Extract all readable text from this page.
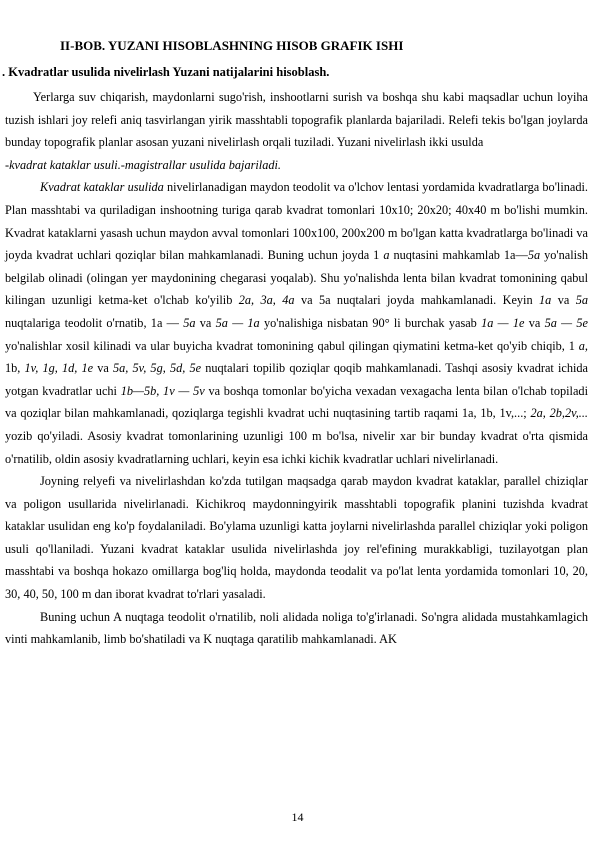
II-BOB. YUZANI HISOBLASHNING HISOB GRAFIK ISHI
. Kvadratlar usulida nivelirlash Yuzani natijalarini hisoblash.

Yerlarga suv chiqarish, maydonlarni sugo'rish, inshootlarni surish va boshqa shu kabi maqsadlar uchun loyiha tuzish ishlari joy relefi aniq tasvirlangan yirik masshtabli topografik planlarda bajariladi. Relefi tekis bo'lgan joylarda bunday topografik planlar asosan yuzani nivelirlash orqali tuziladi. Yuzani nivelirlash ikki usulda

-kvadrat kataklar usuli.-magistrallar usulida bajariladi.

Kvadrat kataklar usulida nivelirlanadigan maydon teodolit va o'lchov lentasi yordamida kvadratlarga bo'linadi. Plan masshtabi va quriladigan inshootning turiga qarab kvadrat tomonlari 10x10; 20x20; 40x40 m bo'lishi mumkin. Kvadrat kataklarni yasash uchun maydon avval tomonlari 100x100, 200x200 m bo'lgan katta kvadratlarga bo'linadi va joyda kvadrat uchlari qoziqlar bilan mahkamlanadi. Buning uchun joyda 1 a nuqtasini mahkamlab 1a—5a yo'nalish belgilab olinadi (olingan yer maydonining chegarasi yoqalab). Shu yo'nalishda lenta bilan kvadrat tomonining qabul kilingan uzunligi ketma-ket o'lchab ko'yilib 2a, 3a, 4a va 5a nuqtalari joyda mahkamlanadi. Keyin 1a va 5a nuqtalariga teodolit o'rnatib, 1a — 5a va 5a — 1a yo'nalishiga nisbatan 90° li burchak yasab 1a — 1e va 5a — 5e yo'nalishlar xosil kilinadi va ular buyicha kvadrat tomonining qabul qilingan qiymatini ketma-ket qo'yib chiqib, 1 a, 1b, 1v, 1g, 1d, 1e va 5a, 5v, 5g, 5d, 5e nuqtalari topilib qoziqlar qoqib mahkamlanadi. Tashqi asosiy kvadrat ichida yotgan kvadratlar uchi 1b—5b, 1v — 5v va boshqa tomonlar bo'yicha vexadan vexagacha lenta bilan o'lchab topiladi va qoziqlar bilan mahkamlanadi, qoziqlarga tegishli kvadrat uchi nuqtasining tartib raqami 1a, 1b, 1v,...; 2a, 2b,2v,... yozib qo'yiladi. Asosiy kvadrat tomonlarining uzunligi 100 m bo'lsa, nivelir xar bir bunday kvadrat o'rta qismida o'rnatilib, oldin asosiy kvadratlarning uchlari, keyin esa ichki kichik kvadratlar uchlari nivelirlanadi.

Joyning relyefi va nivelirlashdan ko'zda tutilgan maqsadga qarab maydon kvadrat kataklar, parallel chiziqlar va poligon usullarida nivelirlanadi. Kichikroq maydonningyirik masshtabli topografik planini tuzishda kvadrat kataklar usulidan eng ko'p foydalaniladi. Bo'ylama uzunligi katta joylarni nivelirlashda parallel chiziqlar yoki poligon usuli qo'llaniladi. Yuzani kvadrat kataklar usulida nivelirlashda joy rel'efining murakkabligi, tuzilayotgan plan masshtabi va boshqa hokazo omillarga bog'liq holda, maydonda teodalit va po'lat lenta yordamida tomonlari 10, 20, 30, 40, 50, 100 m dan iborat kvadrat to'rlari yasaladi.

Buning uchun A nuqtaga teodolit o'rnatilib, noli alidada noliga to'g'irlanadi. So'ngra alidada mustahkamlagich vinti mahkamlanib, limb bo'shatiladi va K nuqtaga qaratilib mahkamlanadi. AK

14
